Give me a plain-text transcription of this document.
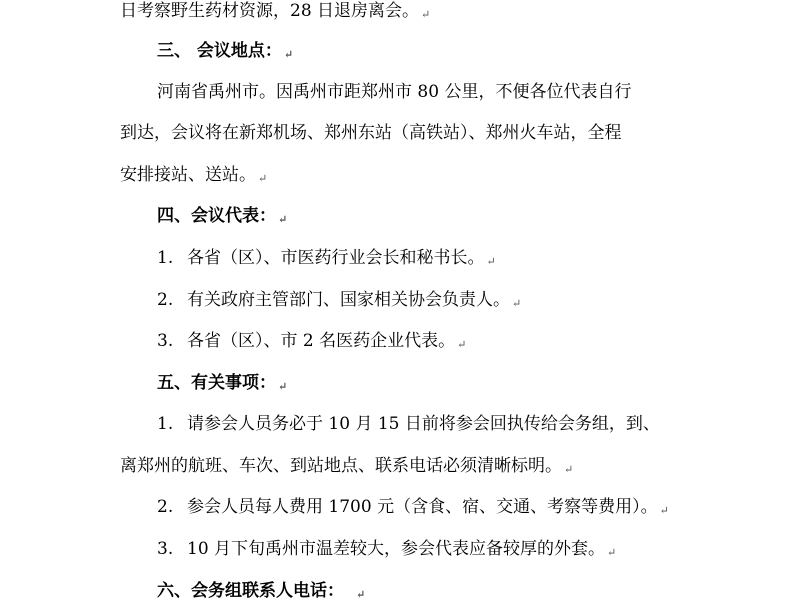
日考察野生药材资源，28 日退房离会。 ↵
三、 会议地点： ↵
河南省禹州市。因禹州市距郑州市 80 公里，不便各位代表自行
到达，会议将在新郑机场、郑州东站（高铁站）、郑州火车站，全程
安排接站、送站。 ↵
四、会议代表： ↵
1. 各省（区）、市医药行业会长和秘书长。 ↵
2. 有关政府主管部门、国家相关协会负责人。 ↵
3. 各省（区）、市 2 名医药企业代表。 ↵
五、有关事项： ↵
1. 请参会人员务必于 10 月 15 日前将参会回执传给会务组，到、
离郑州的航班、车次、到站地点、联系电话必须清晰标明。 ↵
2. 参会人员每人费用 1700 元（含食、宿、交通、考察等费用）。 ↵
3. 10 月下旬禹州市温差较大，参会代表应备较厚的外套。 ↵
六、会务组联系人电话： ↵
